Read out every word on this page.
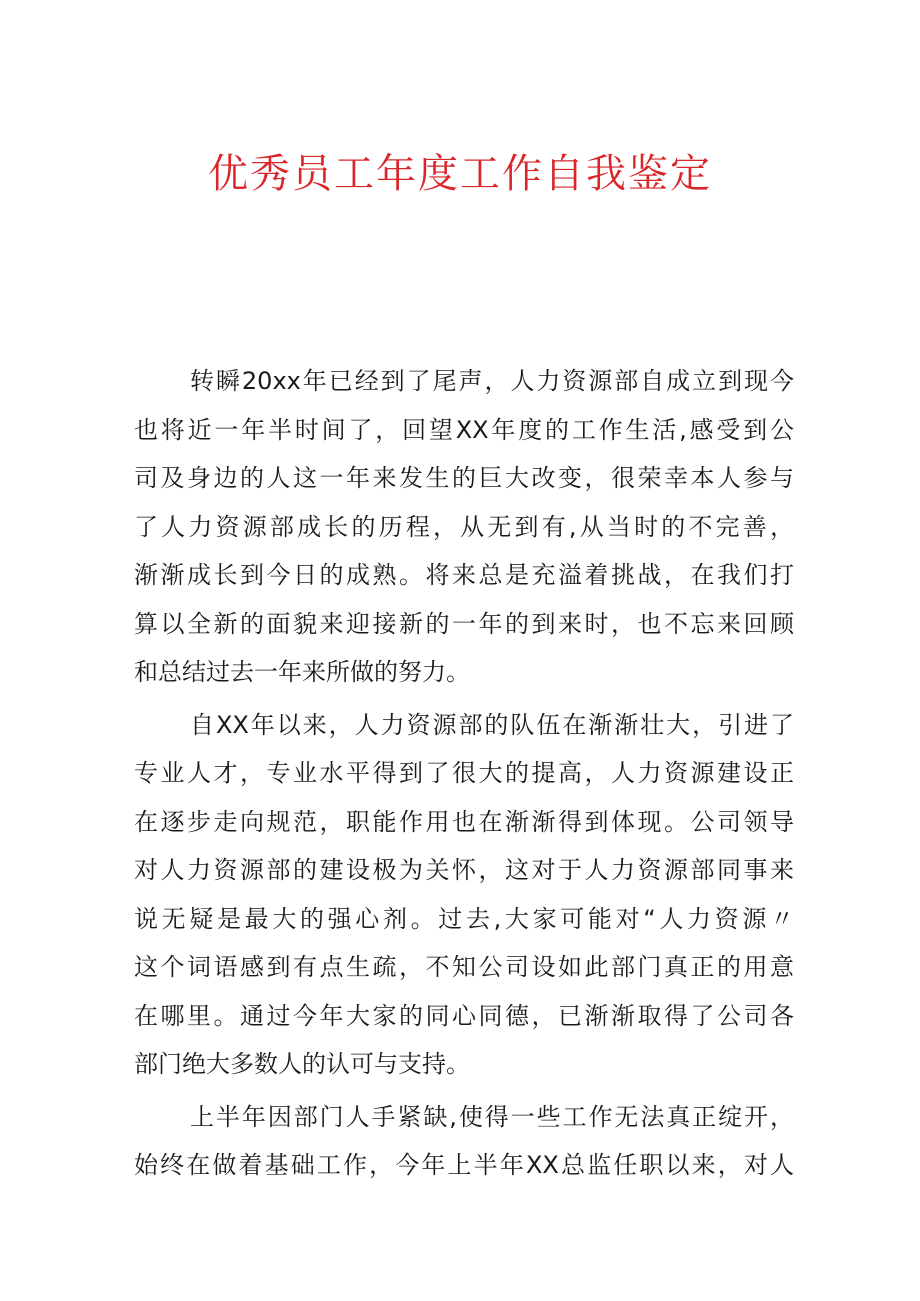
优秀员工年度工作自我鉴定
转瞬20xx年已经到了尾声，人力资源部自成立到现今
也将近一年半时间了，回望XX年度的工作生活,感受到公
司及身边的人这一年来发生的巨大改变，很荣幸本人参与
了人力资源部成长的历程，从无到有,从当时的不完善，
渐渐成长到今日的成熟。将来总是充溢着挑战，在我们打
算以全新的面貌来迎接新的一年的到来时，也不忘来回顾
和总结过去一年来所做的努力。
自XX年以来，人力资源部的队伍在渐渐壮大，引进了
专业人才，专业水平得到了很大的提高，人力资源建设正
在逐步走向规范，职能作用也在渐渐得到体现。公司领导
对人力资源部的建设极为关怀，这对于人力资源部同事来
说无疑是最大的强心剂。过去,大家可能对“人力资源〃
这个词语感到有点生疏，不知公司设如此部门真正的用意
在哪里。通过今年大家的同心同德，已渐渐取得了公司各
部门绝大多数人的认可与支持。
上半年因部门人手紧缺,使得一些工作无法真正绽开，
始终在做着基础工作，今年上半年XX总监任职以来，对人
